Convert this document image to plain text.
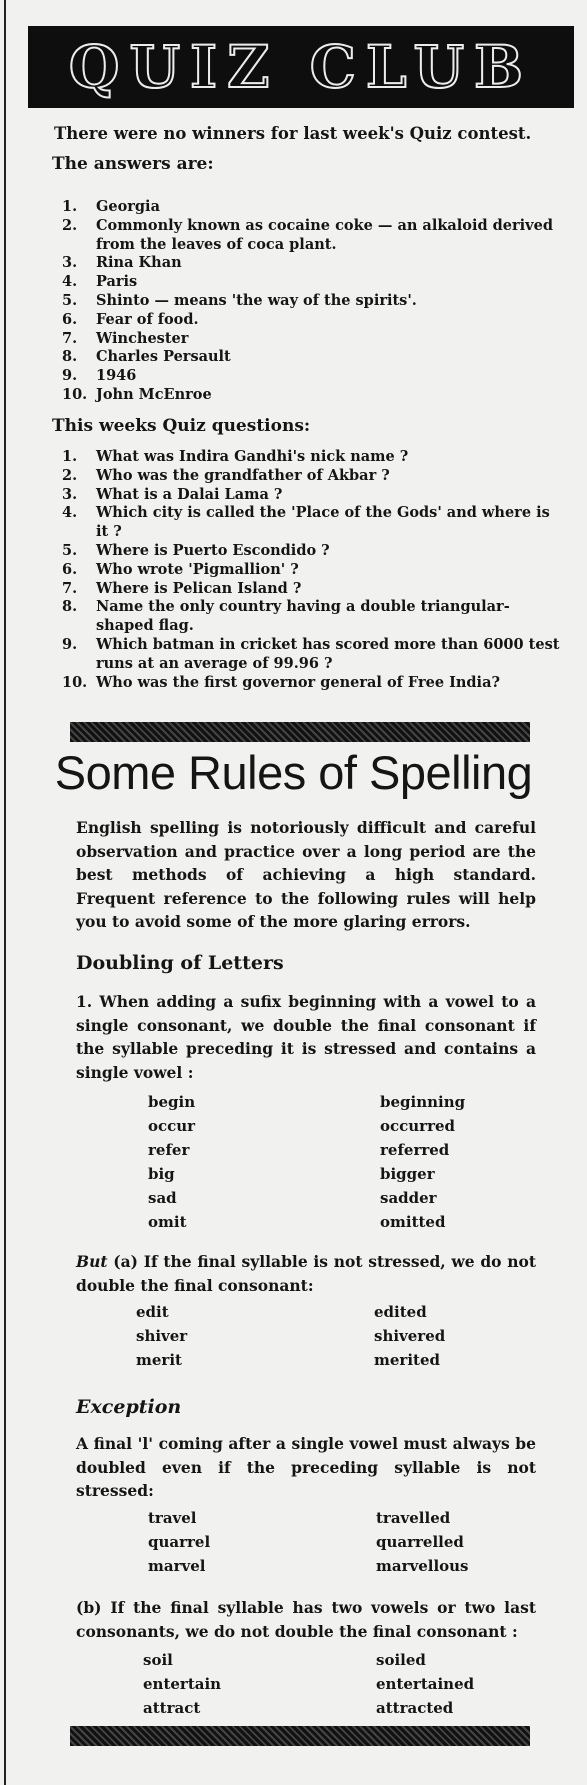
QUIZ CLUB
There were no winners for last week's Quiz contest.
The answers are:
1.	Georgia
2.	Commonly known as cocaine coke — an alkaloid derived from the leaves of coca plant.
3.	Rina Khan
4.	Paris
5.	Shinto — means 'the way of the spirits'.
6.	Fear of food.
7.	Winchester
8.	Charles Persault
9.	1946
10. John McEnroe
This weeks Quiz questions:
1.	What was Indira Gandhi's nick name ?
2.	Who was the grandfather of Akbar ?
3.	What is a Dalai Lama ?
4.	Which city is called the 'Place of the Gods' and where is it ?
5.	Where is Puerto Escondido ?
6.	Who wrote 'Pigmallion' ?
7.	Where is Pelican Island ?
8.	Name the only country having a double triangular-shaped flag.
9.	Which batman in cricket has scored more than 6000 test runs at an average of 99.96 ?
10. Who was the first governor general of Free India?
Some Rules of Spelling
English spelling is notoriously difficult and careful observation and practice over a long period are the best methods of achieving a high standard. Frequent reference to the following rules will help you to avoid some of the more glaring errors.
Doubling of Letters
1. When adding a sufix beginning with a vowel to a single consonant, we double the final consonant if the syllable preceding it is stressed and contains a single vowel :
begin	beginning
occur	occurred
refer	referred
big	bigger
sad	sadder
omit	omitted
But (a) If the final syllable is not stressed, we do not double the final consonant:
edit	edited
shiver	shivered
merit	merited
Exception
A final 'l' coming after a single vowel must always be doubled even if the preceding syllable is not stressed:
travel	travelled
quarrel	quarrelled
marvel	marvellous
(b) If the final syllable has two vowels or two last consonants, we do not double the final consonant :
soil	soiled
entertain	entertained
attract	attracted
